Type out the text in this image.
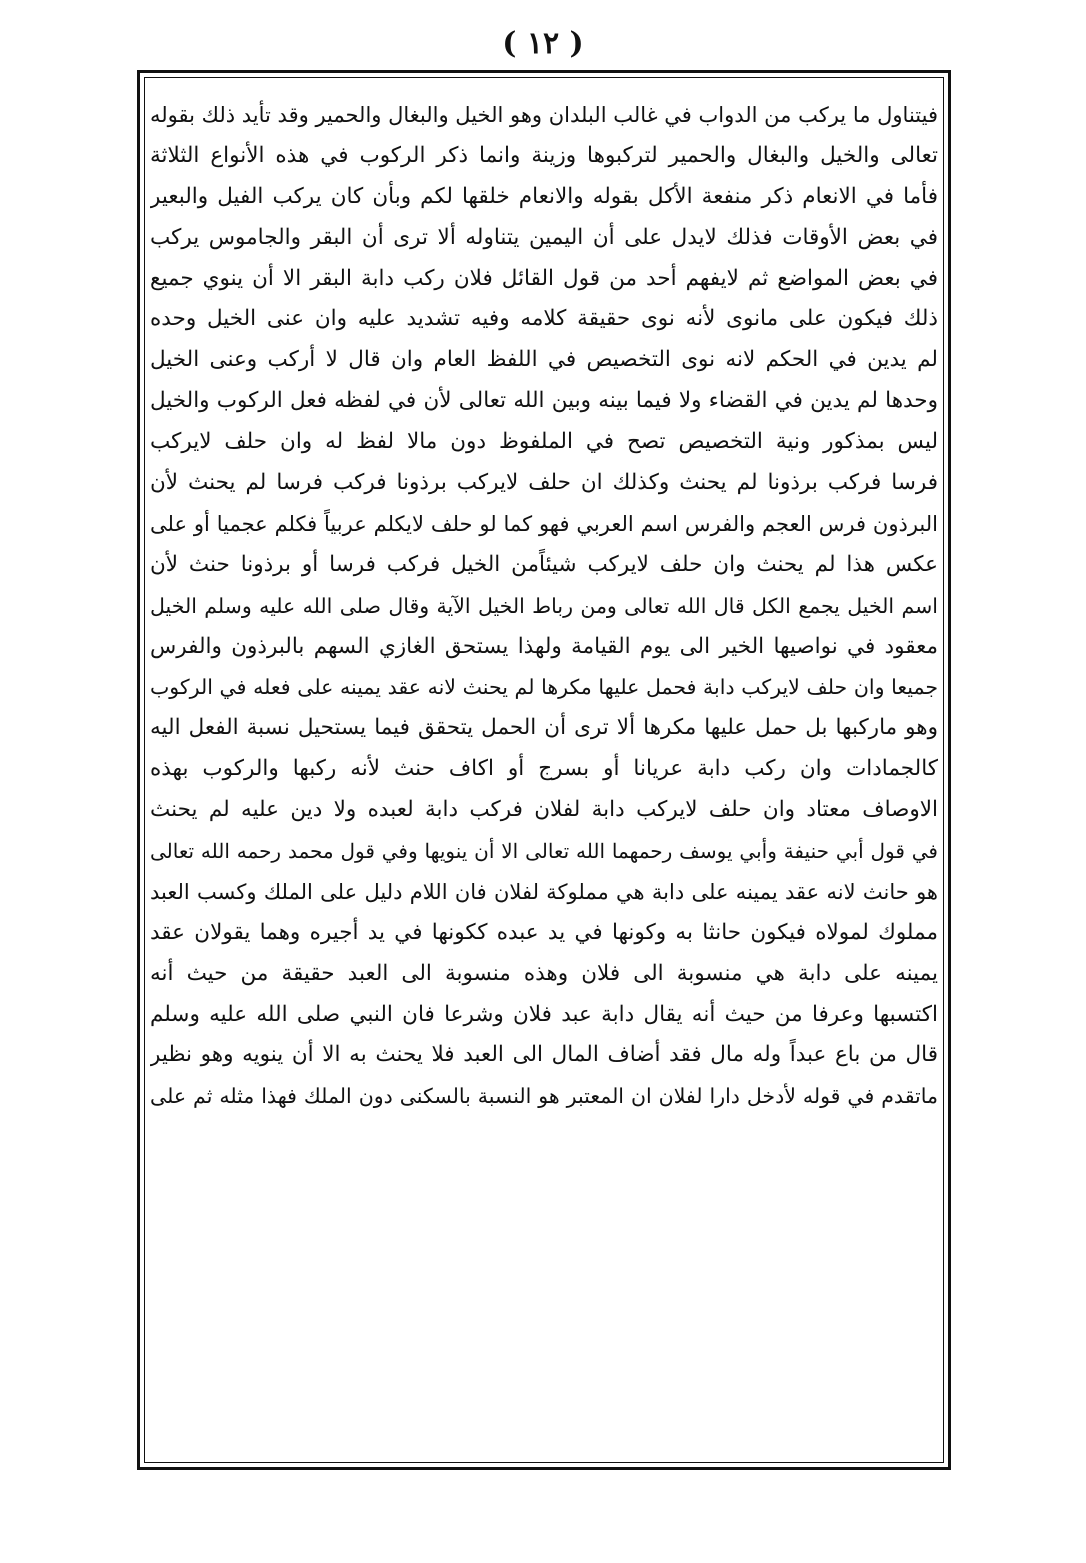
( ١٢ )
فيتناول ما يركب من الدواب في غالب البلدان وهو الخيل والبغال والحمير وقد تأيد ذلك بقوله
تعالى والخيل والبغال والحمير لتركبوها وزينة وانما ذكر الركوب في هذه الأنواع الثلاثة
فأما في الانعام ذكر منفعة الأكل بقوله والانعام خلقها لكم وبأن كان يركب الفيل والبعير
في بعض الأوقات فذلك لايدل على أن اليمين يتناوله ألا ترى أن البقر والجاموس يركب
في بعض المواضع ثم لايفهم أحد من قول القائل فلان ركب دابة البقر الا أن ينوي جميع
ذلك فيكون على مانوى لأنه نوى حقيقة كلامه وفيه تشديد عليه وان عنى الخيل وحده
لم يدين في الحكم لانه نوى التخصيص في اللفظ العام وان قال لا أركب وعنى الخيل
وحدها لم يدين في القضاء ولا فيما بينه وبين الله تعالى لأن في لفظه فعل الركوب والخيل
ليس بمذكور ونية التخصيص تصح في الملفوظ دون مالا لفظ له وان حلف لايركب
فرسا فركب برذونا لم يحنث وكذلك ان حلف لايركب برذونا فركب فرسا لم يحنث لأن
البرذون فرس العجم والفرس اسم العربي فهو كما لو حلف لايكلم عربياً فكلم عجميا أو على
عكس هذا لم يحنث وان حلف لايركب شيئاًمن الخيل فركب فرسا أو برذونا حنث لأن
اسم الخيل يجمع الكل قال الله تعالى ومن رباط الخيل الآية وقال صلى الله عليه وسلم الخيل
معقود في نواصيها الخير الى يوم القيامة ولهذا يستحق الغازي السهم بالبرذون والفرس
جميعا وان حلف لايركب دابة فحمل عليها مكرها لم يحنث لانه عقد يمينه على فعله في الركوب
وهو ماركبها بل حمل عليها مكرها ألا ترى أن الحمل يتحقق فيما يستحيل نسبة الفعل اليه
كالجمادات وان ركب دابة عريانا أو بسرج أو اكاف حنث لأنه ركبها والركوب بهذه
الاوصاف معتاد وان حلف لايركب دابة لفلان فركب دابة لعبده ولا دين عليه لم يحنث
في قول أبي حنيفة وأبي يوسف رحمهما الله تعالى الا أن ينويها وفي قول محمد رحمه الله تعالى
هو حانث لانه عقد يمينه على دابة هي مملوكة لفلان فان اللام دليل على الملك وكسب العبد
مملوك لمولاه فيكون حانثا به وكونها في يد عبده ككونها في يد أجيره وهما يقولان عقد
يمينه على دابة هي منسوبة الى فلان وهذه منسوبة الى العبد حقيقة من حيث أنه
اكتسبها وعرفا من حيث أنه يقال دابة عبد فلان وشرعا فان النبي صلى الله عليه وسلم
قال من باع عبداً وله مال فقد أضاف المال الى العبد فلا يحنث به الا أن ينويه وهو نظير
ماتقدم في قوله لأدخل دارا لفلان ان المعتبر هو النسبة بالسكنى دون الملك فهذا مثله ثم على
